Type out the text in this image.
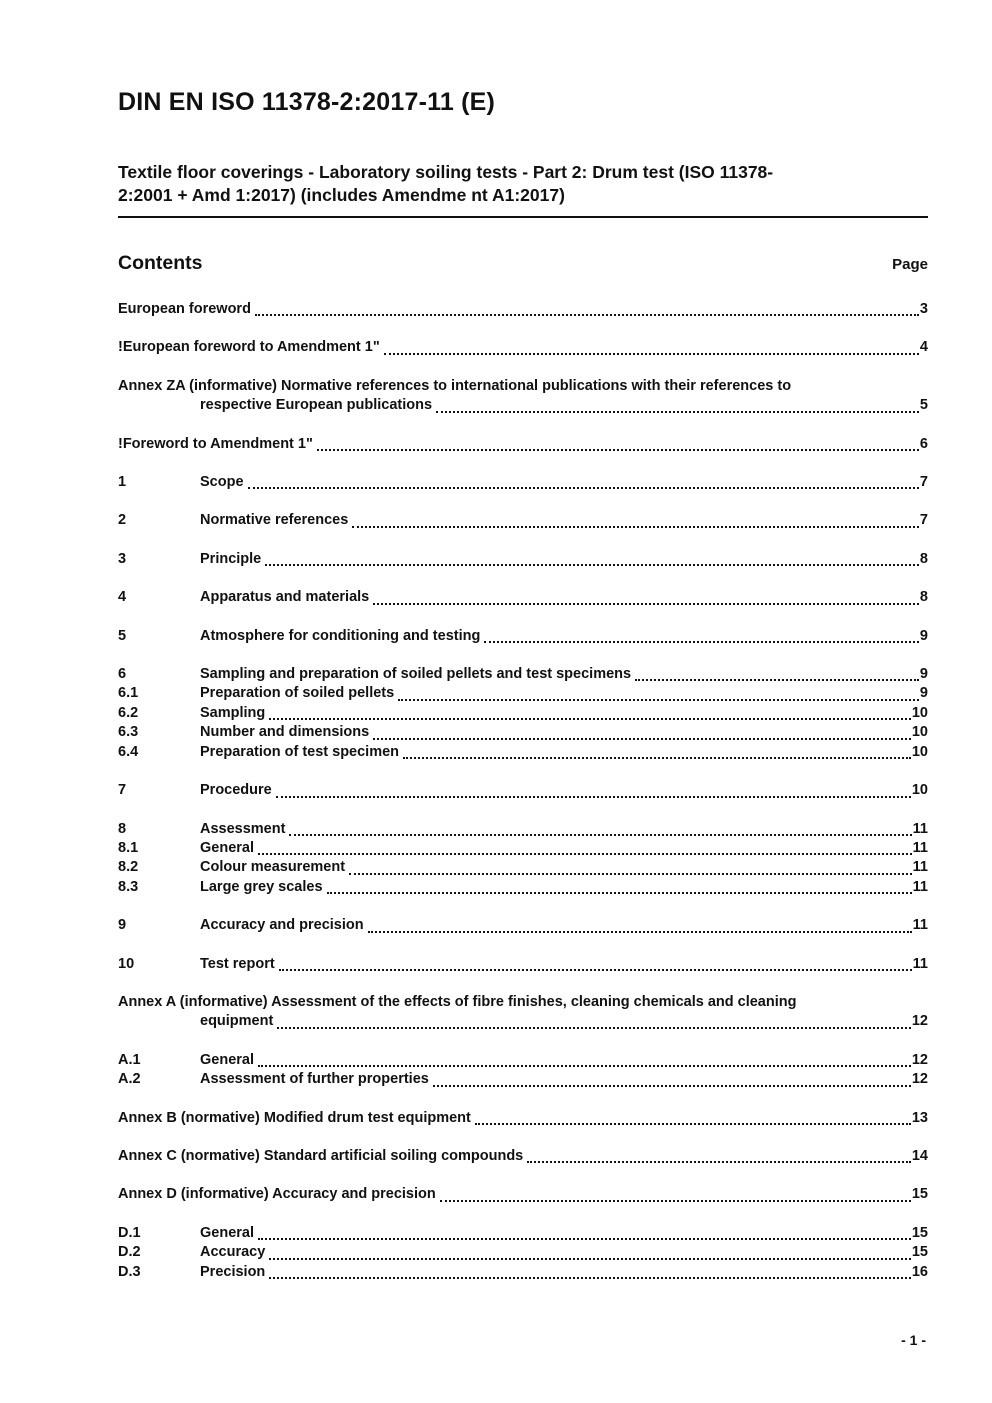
DIN EN ISO 11378-2:2017-11 (E)
Textile floor coverings - Laboratory soiling tests - Part 2: Drum test (ISO 11378-
2:2001 + Amd 1:2017) (includes Amendme nt A1:2017)
Contents	Page
European foreword	3
!European foreword to Amendment 1"	4
Annex ZA (informative) Normative references to international publications with their references to
respective European publications	5
!Foreword to Amendment 1"	6
1	Scope	7
2	Normative references	7
3	Principle	8
4	Apparatus and materials	8
5	Atmosphere for conditioning and testing	9
6	Sampling and preparation of soiled pellets and test specimens	9
6.1	Preparation of soiled pellets	9
6.2	Sampling	10
6.3	Number and dimensions	10
6.4	Preparation of test specimen	10
7	Procedure	10
8	Assessment	11
8.1	General	11
8.2	Colour measurement	11
8.3	Large grey scales	11
9	Accuracy and precision	11
10	Test report	11
Annex A (informative) Assessment of the effects of fibre finishes, cleaning chemicals and cleaning
equipment	12
A.1	General	12
A.2	Assessment of further properties	12
Annex B (normative) Modified drum test equipment	13
Annex C (normative) Standard artificial soiling compounds	14
Annex D (informative) Accuracy and precision	15
D.1	General	15
D.2	Accuracy	15
D.3	Precision	16
- 1 -
